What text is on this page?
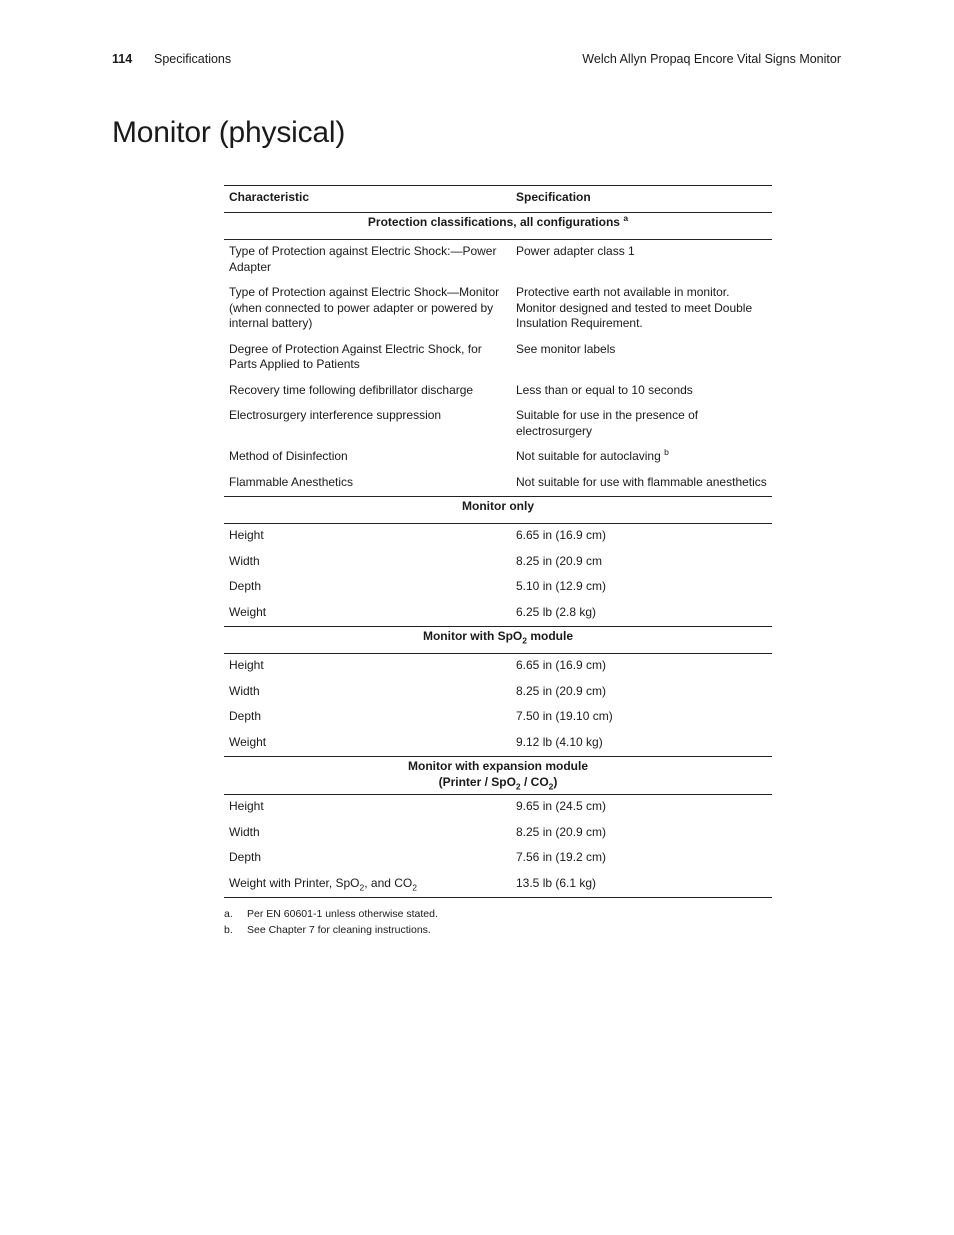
114 Specifications	Welch Allyn Propaq Encore Vital Signs Monitor
Monitor (physical)
Characteristic	Specification
Protection classifications, all configurations $^a$
Type of Protection against Electric Shock:—Power Adapter	Power adapter class 1
Type of Protection against Electric Shock—Monitor (when connected to power adapter or powered by internal battery)	Protective earth not available in monitor. Monitor designed and tested to meet Double Insulation Requirement.
Degree of Protection Against Electric Shock, for Parts Applied to Patients	See monitor labels
Recovery time following defibrillator discharge	Less than or equal to 10 seconds
Electrosurgery interference suppression	Suitable for use in the presence of electrosurgery
Method of Disinfection	Not suitable for autoclaving $^b$
Flammable Anesthetics	Not suitable for use with flammable anesthetics
Monitor only	
Height	6.65 in (16.9 cm)
Width	8.25 in (20.9 cm
Depth	5.10 in (12.9 cm)
Weight	6.25 lb (2.8 kg)
Monitor with SpO$_2$ module	
Height	6.65 in (16.9 cm)
Width	8.25 in (20.9 cm)
Depth	7.50 in (19.10 cm)
Weight	9.12 lb (4.10 kg)
Monitor with expansion module
(Printer / $SpO_2 / CO_2$)	
Height	9.65 in (24.5 cm)
Width	8.25 in (20.9 cm)
Depth	7.56 in (19.2 cm)
Weight with Printer, SpO$_2$, and $CO_2$	13.5 lb (6.1 kg)
a. Per EN 60601-1 unless otherwise stated.
b. See Chapter 7 for cleaning instructions.
